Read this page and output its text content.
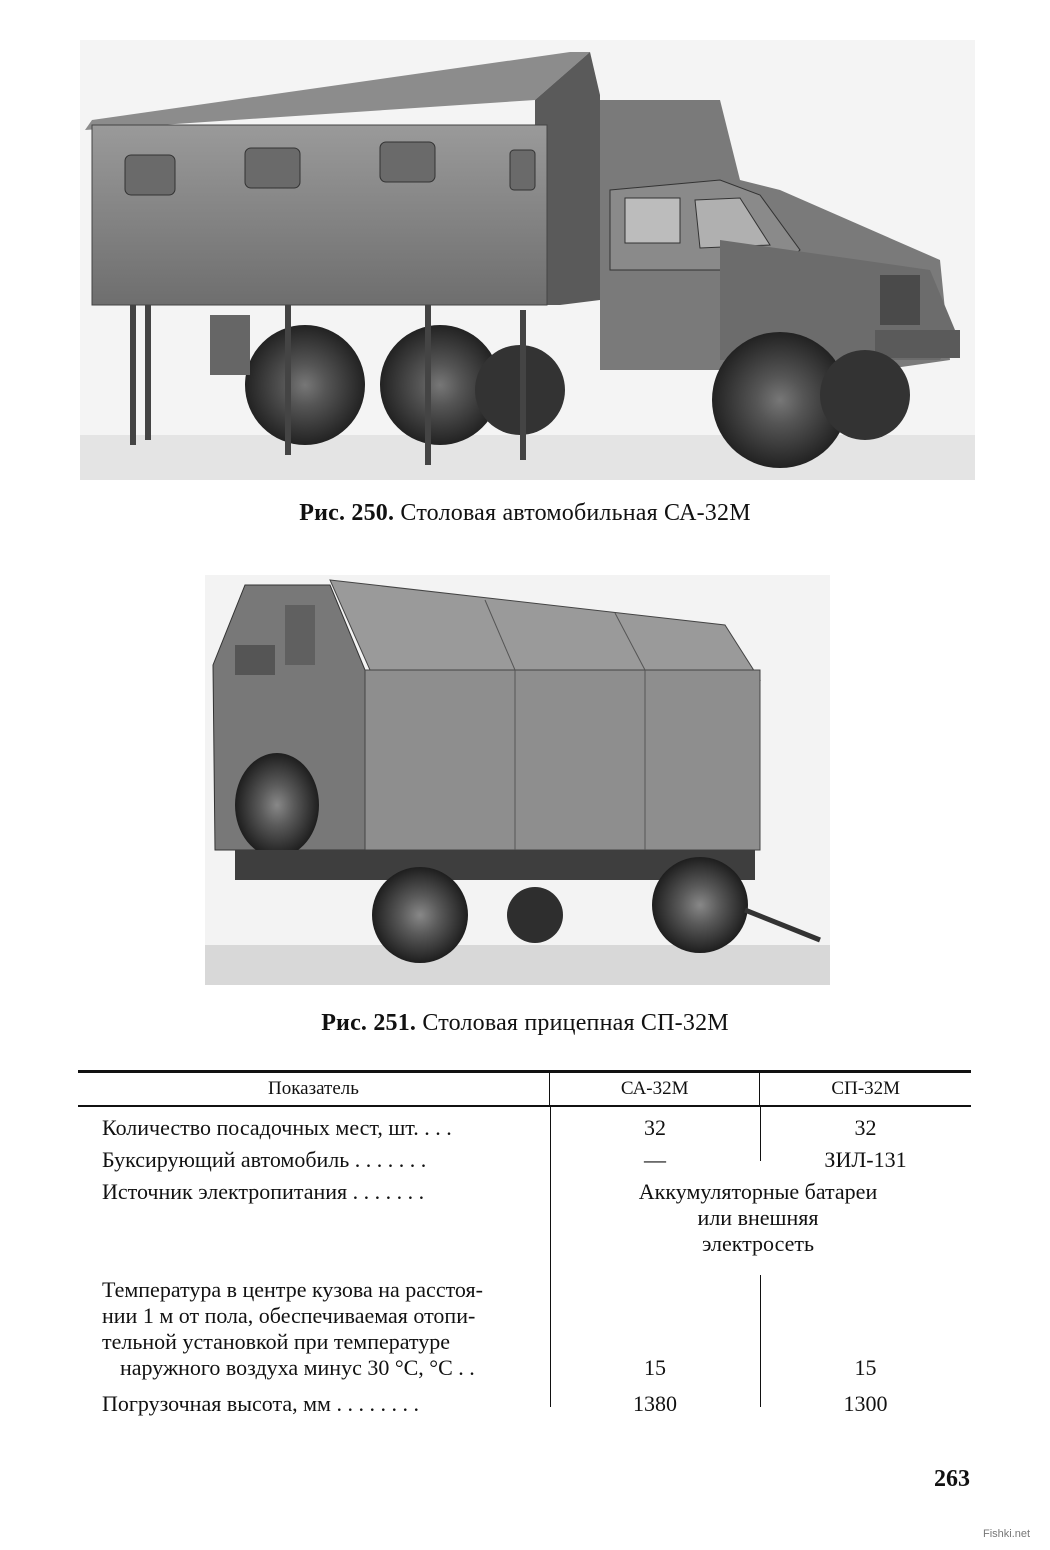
Рис. 250. Столовая автомобильная СА-32М
Рис. 251. Столовая прицепная СП-32М
Показатель	СА-32М	СП-32М
Количество посадочных мест, шт. . . .	32	32
Буксирующий автомобиль . . . . . . .	—	ЗИЛ-131
Источник электропитания . . . . . . .	Аккумуляторные батареи
или внешняя
электросеть
Температура в центре кузова на расстоя-
нии 1 м от пола, обеспечиваемая отопи-
тельной установкой при температуре
наружного воздуха минус 30 °С, °С . .	15	15
Погрузочная высота, мм . . . . . . . .	1380	1300
263
Fishki.net
